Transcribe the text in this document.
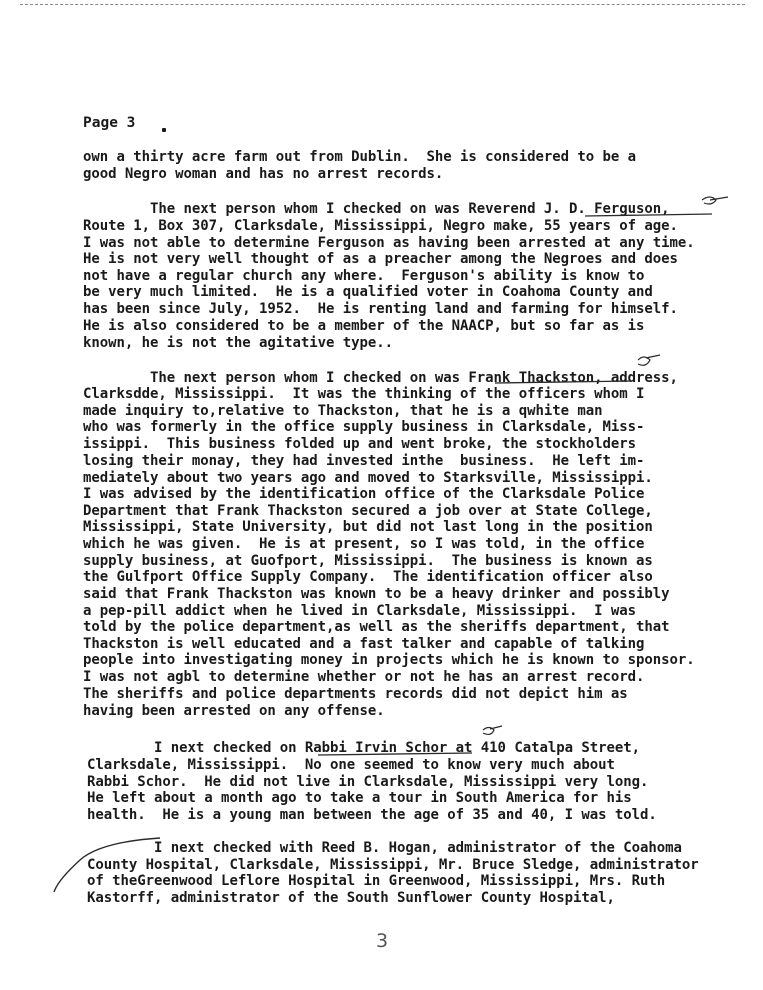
Page 3
own a thirty acre farm out from Dublin.  She is considered to be a
good Negro woman and has no arrest records.
The next person whom I checked on was Reverend J. D. Ferguson,
Route 1, Box 307, Clarksdale, Mississippi, Negro make, 55 years of age.
I was not able to determine Ferguson as having been arrested at any time.
He is not very well thought of as a preacher among the Negroes and does
not have a regular church any where.  Ferguson's ability is know to
be very much limited.  He is a qualified voter in Coahoma County and
has been since July, 1952.  He is renting land and farming for himself.
He is also considered to be a member of the NAACP, but so far as is
known, he is not the agitative type..
The next person whom I checked on was Frank Thackston, address,
Clarksdde, Mississippi.  It was the thinking of the officers whom I
made inquiry to,relative to Thackston, that he is a qwhite man
who was formerly in the office supply business in Clarksdale, Miss-
issippi.  This business folded up and went broke, the stockholders
losing their monay, they had invested inthe  business.  He left im-
mediately about two years ago and moved to Starksville, Mississippi.
I was advised by the identification office of the Clarksdale Police
Department that Frank Thackston secured a job over at State College,
Mississippi, State University, but did not last long in the position
which he was given.  He is at present, so I was told, in the office
supply business, at Guofport, Mississippi.  The business is known as
the Gulfport Office Supply Company.  The identification officer also
said that Frank Thackston was known to be a heavy drinker and possibly
a pep-pill addict when he lived in Clarksdale, Mississippi.  I was
told by the police department,as well as the sheriffs department, that
Thackston is well educated and a fast talker and capable of talking
people into investigating money in projects which he is known to sponsor.
I was not agbl to determine whether or not he has an arrest record.
The sheriffs and police departments records did not depict him as
having been arrested on any offense.
I next checked on Rabbi Irvin Schor at 410 Catalpa Street,
Clarksdale, Mississippi.  No one seemed to know very much about
Rabbi Schor.  He did not live in Clarksdale, Mississippi very long.
He left about a month ago to take a tour in South America for his
health.  He is a young man between the age of 35 and 40, I was told.
I next checked with Reed B. Hogan, administrator of the Coahoma
County Hospital, Clarksdale, Mississippi, Mr. Bruce Sledge, administrator
of theGreenwood Leflore Hospital in Greenwood, Mississippi, Mrs. Ruth
Kastorff, administrator of the South Sunflower County Hospital,
3
